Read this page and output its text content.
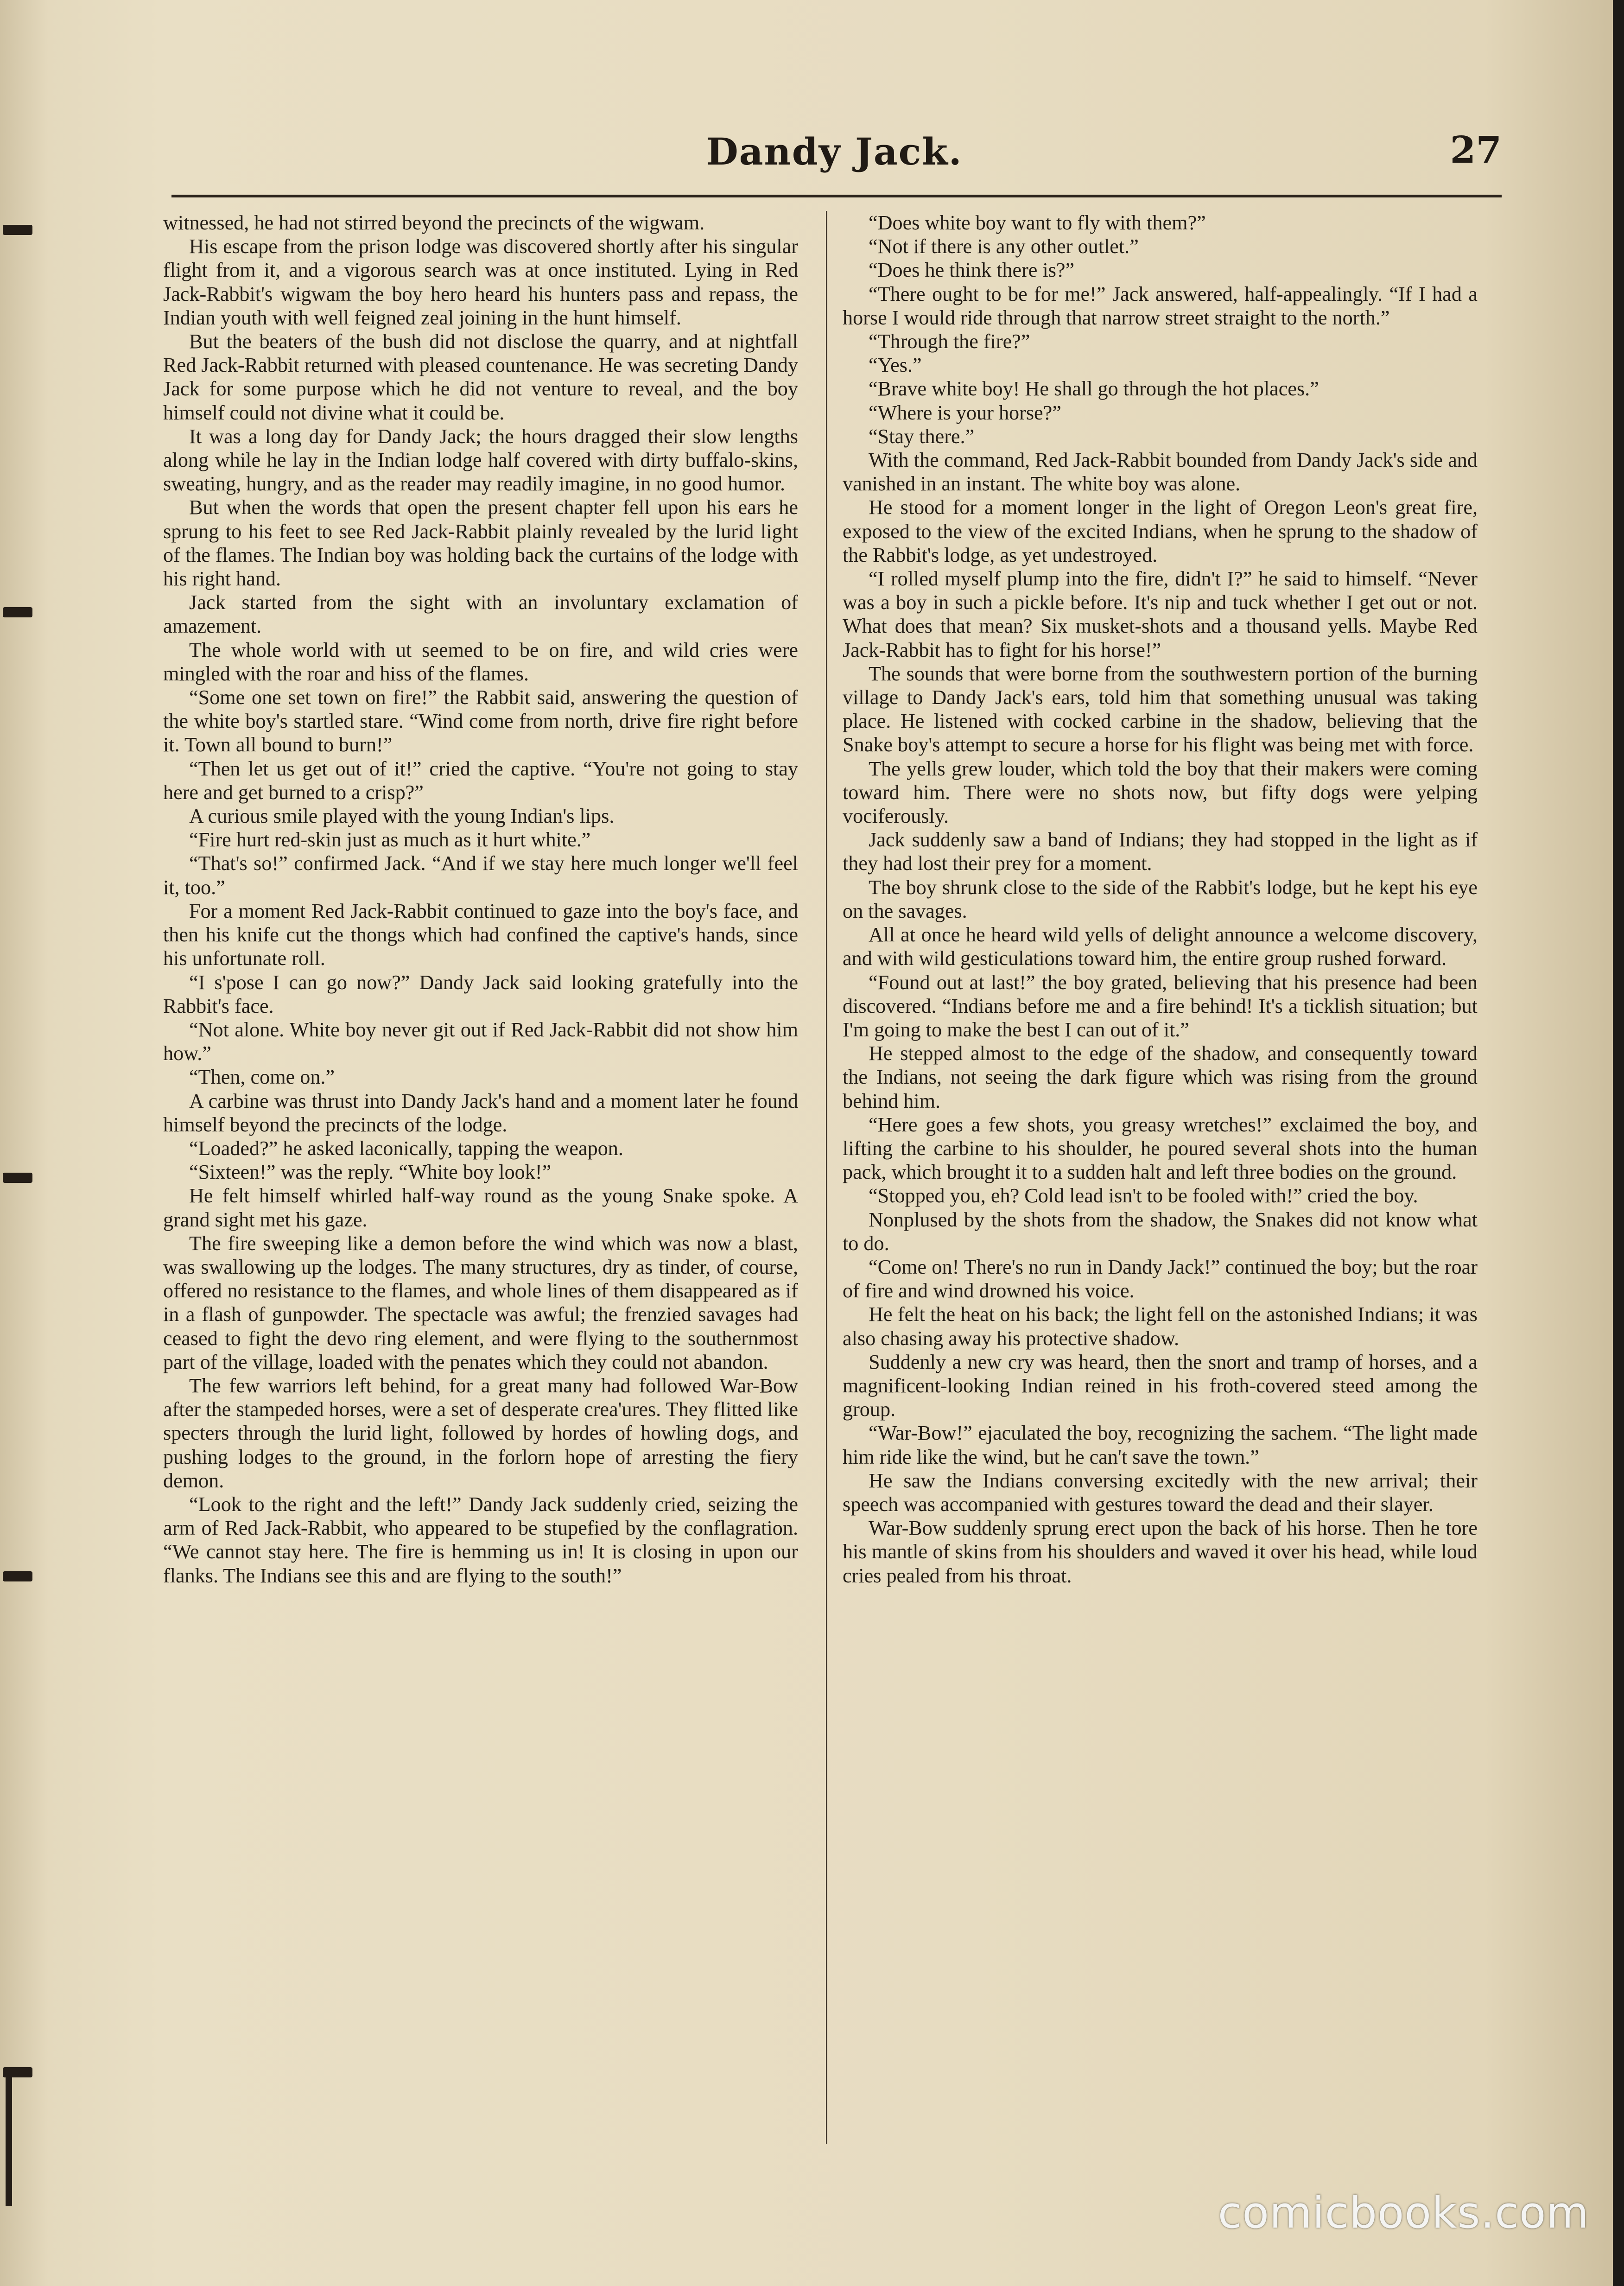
Dandy Jack.	27

witnessed, he had not stirred beyond the precincts of the wigwam.

His escape from the prison lodge was discovered shortly after his singular flight from it, and a vigorous search was at once instituted. Lying in Red Jack-Rabbit's wigwam the boy hero heard his hunters pass and repass, the Indian youth with well feigned zeal joining in the hunt himself.

But the beaters of the bush did not disclose the quarry, and at nightfall Red Jack-Rabbit returned with pleased countenance. He was secreting Dandy Jack for some purpose which he did not venture to reveal, and the boy himself could not divine what it could be.

It was a long day for Dandy Jack; the hours dragged their slow lengths along while he lay in the Indian lodge half covered with dirty buffalo-skins, sweating, hungry, and as the reader may readily imagine, in no good humor.

But when the words that open the present chapter fell upon his ears he sprung to his feet to see Red Jack-Rabbit plainly revealed by the lurid light of the flames. The Indian boy was holding back the curtains of the lodge with his right hand.

Jack started from the sight with an involuntary exclamation of amazement.

The whole world with ut seemed to be on fire, and wild cries were mingled with the roar and hiss of the flames.

“Some one set town on fire!” the Rabbit said, answering the question of the white boy's startled stare. “Wind come from north, drive fire right before it. Town all bound to burn!”

“Then let us get out of it!” cried the captive. “You're not going to stay here and get burned to a crisp?”

A curious smile played with the young Indian's lips.

“Fire hurt red-skin just as much as it hurt white.”

“That's so!” confirmed Jack. “And if we stay here much longer we'll feel it, too.”

For a moment Red Jack-Rabbit continued to gaze into the boy's face, and then his knife cut the thongs which had confined the captive's hands, since his unfortunate roll.

“I s'pose I can go now?” Dandy Jack said looking gratefully into the Rabbit's face.

“Not alone. White boy never git out if Red Jack-Rabbit did not show him how.”

“Then, come on.”

A carbine was thrust into Dandy Jack's hand and a moment later he found himself beyond the precincts of the lodge.

“Loaded?” he asked laconically, tapping the weapon.

“Sixteen!” was the reply. “White boy look!”

He felt himself whirled half-way round as the young Snake spoke. A grand sight met his gaze.

The fire sweeping like a demon before the wind which was now a blast, was swallowing up the lodges. The many structures, dry as tinder, of course, offered no resistance to the flames, and whole lines of them disappeared as if in a flash of gunpowder. The spectacle was awful; the frenzied savages had ceased to fight the devo ring element, and were flying to the southernmost part of the village, loaded with the penates which they could not abandon.

The few warriors left behind, for a great many had followed War-Bow after the stampeded horses, were a set of desperate crea'ures. They flitted like specters through the lurid light, followed by hordes of howling dogs, and pushing lodges to the ground, in the forlorn hope of arresting the fiery demon.

“Look to the right and the left!” Dandy Jack suddenly cried, seizing the arm of Red Jack-Rabbit, who appeared to be stupefied by the conflagration. “We cannot stay here. The fire is hemming us in! It is closing in upon our flanks. The Indians see this and are flying to the south!”

“Does white boy want to fly with them?”

“Not if there is any other outlet.”

“Does he think there is?”

“There ought to be for me!” Jack answered, half-appealingly. “If I had a horse I would ride through that narrow street straight to the north.”

“Through the fire?”

“Yes.”

“Brave white boy! He shall go through the hot places.”

“Where is your horse?”

“Stay there.”

With the command, Red Jack-Rabbit bounded from Dandy Jack's side and vanished in an instant. The white boy was alone.

He stood for a moment longer in the light of Oregon Leon's great fire, exposed to the view of the excited Indians, when he sprung to the shadow of the Rabbit's lodge, as yet undestroyed.

“I rolled myself plump into the fire, didn't I?” he said to himself. “Never was a boy in such a pickle before. It's nip and tuck whether I get out or not. What does that mean? Six musket-shots and a thousand yells. Maybe Red Jack-Rabbit has to fight for his horse!”

The sounds that were borne from the southwestern portion of the burning village to Dandy Jack's ears, told him that something unusual was taking place. He listened with cocked carbine in the shadow, believing that the Snake boy's attempt to secure a horse for his flight was being met with force.

The yells grew louder, which told the boy that their makers were coming toward him. There were no shots now, but fifty dogs were yelping vociferously.

Jack suddenly saw a band of Indians; they had stopped in the light as if they had lost their prey for a moment.

The boy shrunk close to the side of the Rabbit's lodge, but he kept his eye on the savages.

All at once he heard wild yells of delight announce a welcome discovery, and with wild gesticulations toward him, the entire group rushed forward.

“Found out at last!” the boy grated, believing that his presence had been discovered. “Indians before me and a fire behind! It's a ticklish situation; but I'm going to make the best I can out of it.”

He stepped almost to the edge of the shadow, and consequently toward the Indians, not seeing the dark figure which was rising from the ground behind him.

“Here goes a few shots, you greasy wretches!” exclaimed the boy, and lifting the carbine to his shoulder, he poured several shots into the human pack, which brought it to a sudden halt and left three bodies on the ground.

“Stopped you, eh? Cold lead isn't to be fooled with!” cried the boy.

Nonplused by the shots from the shadow, the Snakes did not know what to do.

“Come on! There's no run in Dandy Jack!” continued the boy; but the roar of fire and wind drowned his voice.

He felt the heat on his back; the light fell on the astonished Indians; it was also chasing away his protective shadow.

Suddenly a new cry was heard, then the snort and tramp of horses, and a magnificent-looking Indian reined in his froth-covered steed among the group.

“War-Bow!” ejaculated the boy, recognizing the sachem. “The light made him ride like the wind, but he can't save the town.”

He saw the Indians conversing excitedly with the new arrival; their speech was accompanied with gestures toward the dead and their slayer.

War-Bow suddenly sprung erect upon the back of his horse. Then he tore his mantle of skins from his shoulders and waved it over his head, while loud cries pealed from his throat.

comicbooks.com
